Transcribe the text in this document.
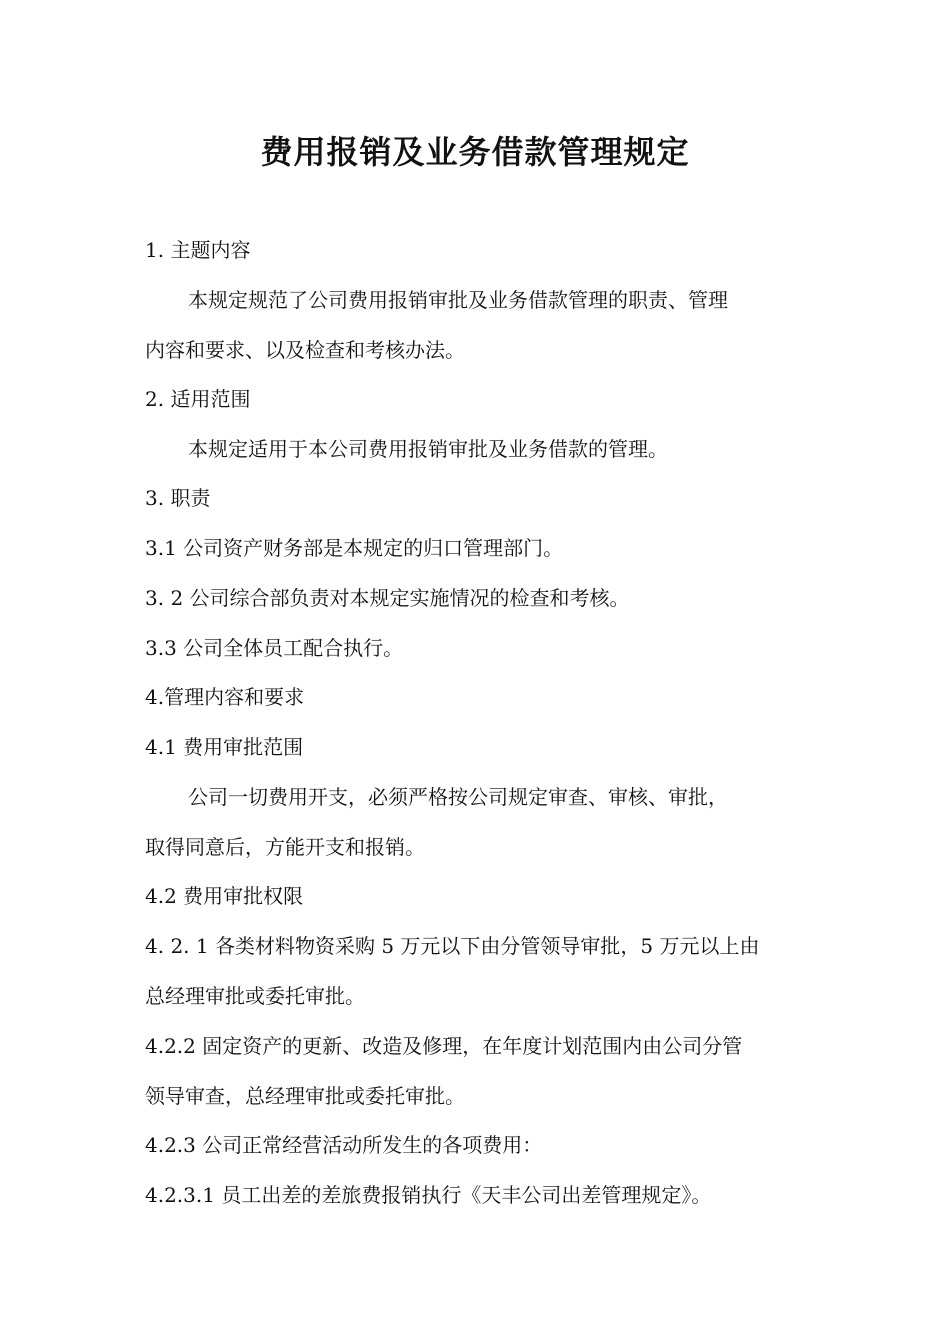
费用报销及业务借款管理规定
1. 主题内容
本规定规范了公司费用报销审批及业务借款管理的职责、管理
内容和要求、以及检查和考核办法。
2. 适用范围
本规定适用于本公司费用报销审批及业务借款的管理。
3. 职责
3.1 公司资产财务部是本规定的归口管理部门。
3. 2 公司综合部负责对本规定实施情况的检查和考核。
3.3 公司全体员工配合执行。
4.管理内容和要求
4.1 费用审批范围
公司一切费用开支，必须严格按公司规定审查、审核、审批，
取得同意后，方能开支和报销。
4.2 费用审批权限
4. 2. 1 各类材料物资采购 5 万元以下由分管领导审批，5 万元以上由
总经理审批或委托审批。
4.2.2 固定资产的更新、改造及修理，在年度计划范围内由公司分管
领导审查，总经理审批或委托审批。
4.2.3 公司正常经营活动所发生的各项费用：
4.2.3.1 员工出差的差旅费报销执行《天丰公司出差管理规定》。
